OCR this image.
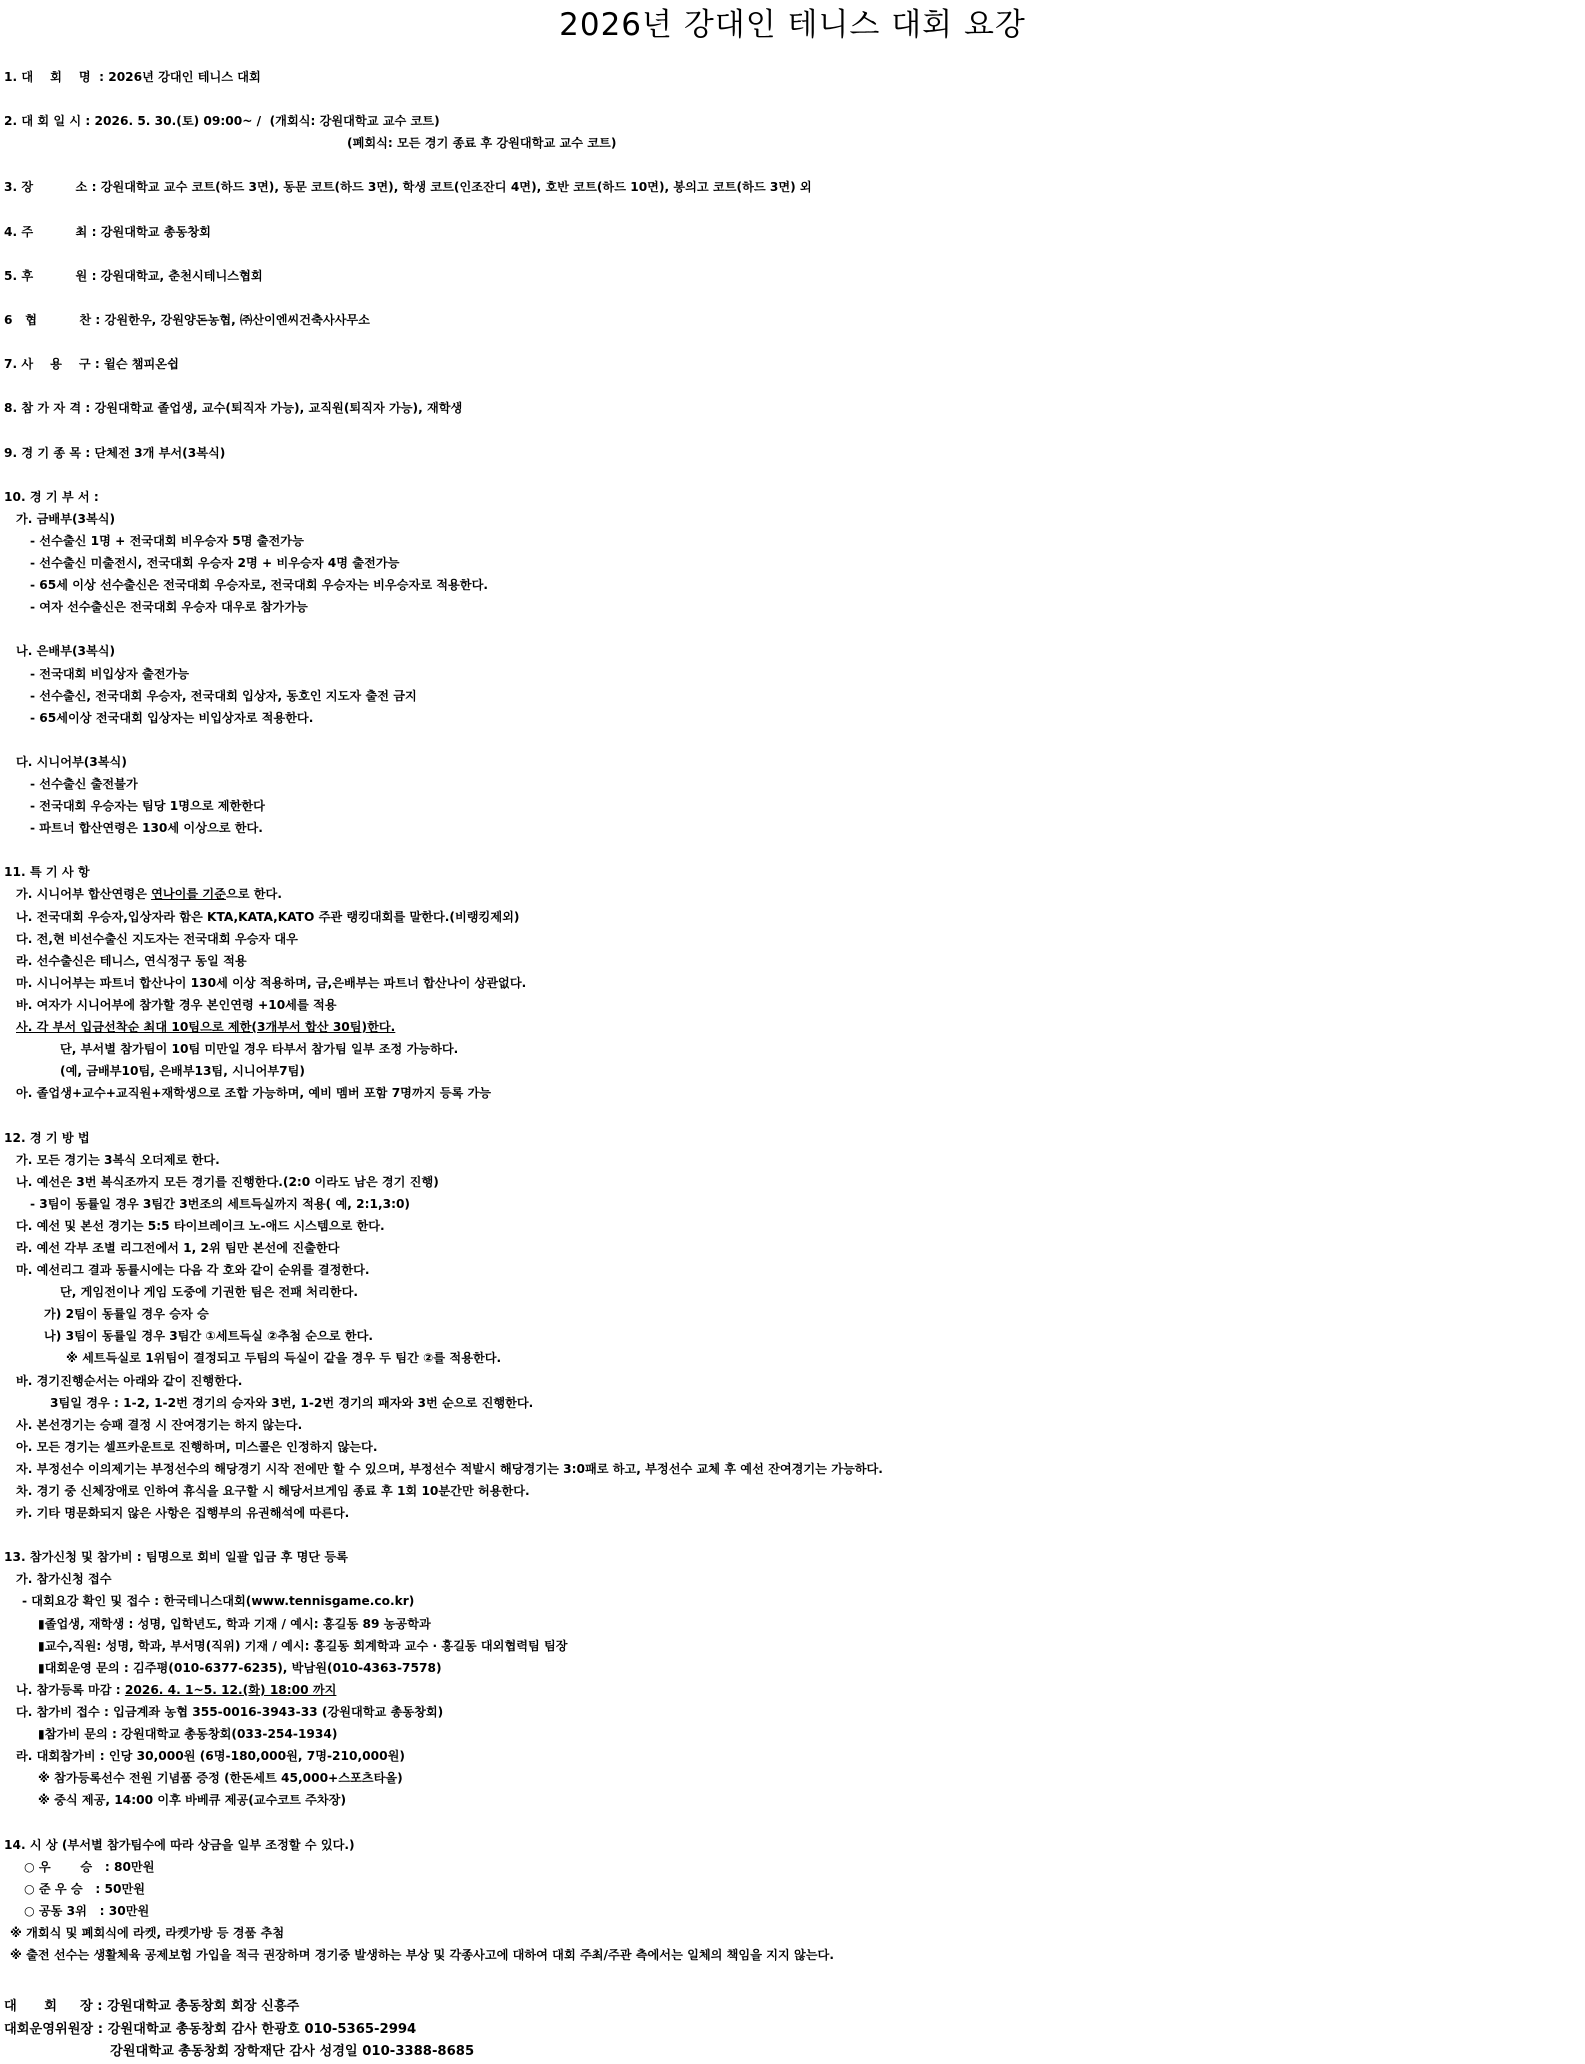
2026년 강대인 테니스 대회 요강
1. 대    회    명  : 2026년 강대인 테니스 대회
2. 대 회 일 시 : 2026. 5. 30.(토) 09:00~ /  (개회식: 강원대학교 교수 코트)
(폐회식: 모든 경기 종료 후 강원대학교 교수 코트)
3. 장          소 : 강원대학교 교수 코트(하드 3면), 동문 코트(하드 3면), 학생 코트(인조잔디 4면), 호반 코트(하드 10면), 봉의고 코트(하드 3면) 외
4. 주          최 : 강원대학교 총동창회
5. 후          원 : 강원대학교, 춘천시테니스협회
6   협          찬 : 강원한우, 강원양돈농협, ㈜산이엔씨건축사사무소
7. 사    용    구 : 윌슨 챔피온쉽
8. 참 가 자 격 : 강원대학교 졸업생, 교수(퇴직자 가능), 교직원(퇴직자 가능), 재학생
9. 경 기 종 목 : 단체전 3개 부서(3복식)
10. 경 기 부 서 :
가. 금배부(3복식)
- 선수출신 1명 + 전국대회 비우승자 5명 출전가능
- 선수출신 미출전시, 전국대회 우승자 2명 + 비우승자 4명 출전가능
- 65세 이상 선수출신은 전국대회 우승자로, 전국대회 우승자는 비우승자로 적용한다.
- 여자 선수출신은 전국대회 우승자 대우로 참가가능
나. 은배부(3복식)
- 전국대회 비입상자 출전가능
- 선수출신, 전국대회 우승자, 전국대회 입상자, 동호인 지도자 출전 금지
- 65세이상 전국대회 입상자는 비입상자로 적용한다.
다. 시니어부(3복식)
- 선수출신 출전불가
- 전국대회 우승자는 팀당 1명으로 제한한다
- 파트너 합산연령은 130세 이상으로 한다.
11. 특 기 사 항
가. 시니어부 합산연령은 연나이를 기준으로 한다.
나. 전국대회 우승자,입상자라 함은 KTA,KATA,KATO 주관 랭킹대회를 말한다.(비랭킹제외)
다. 전,현 비선수출신 지도자는 전국대회 우승자 대우
라. 선수출신은 테니스, 연식정구 동일 적용
마. 시니어부는 파트너 합산나이 130세 이상 적용하며, 금,은배부는 파트너 합산나이 상관없다.
바. 여자가 시니어부에 참가할 경우 본인연령 +10세를 적용
사. 각 부서 입금선착순 최대 10팀으로 제한(3개부서 합산 30팀)한다.
단, 부서별 참가팀이 10팀 미만일 경우 타부서 참가팀 일부 조정 가능하다.
(예, 금배부10팀, 은배부13팀, 시니어부7팀)
아. 졸업생+교수+교직원+재학생으로 조합 가능하며, 예비 멤버 포함 7명까지 등록 가능
12. 경 기 방 법
가. 모든 경기는 3복식 오더제로 한다.
나. 예선은 3번 복식조까지 모든 경기를 진행한다.(2:0 이라도 남은 경기 진행)
- 3팀이 동률일 경우 3팀간 3번조의 세트득실까지 적용( 예, 2:1,3:0)
다. 예선 및 본선 경기는 5:5 타이브레이크 노-애드 시스템으로 한다.
라. 예선 각부 조별 리그전에서 1, 2위 팀만 본선에 진출한다
마. 예선리그 결과 동률시에는 다음 각 호와 같이 순위를 결정한다.
단, 게임전이나 게임 도중에 기권한 팀은 전패 처리한다.
가) 2팀이 동률일 경우 승자 승
나) 3팀이 동률일 경우 3팀간 ①세트득실 ②추첨 순으로 한다.
※ 세트득실로 1위팀이 결정되고 두팀의 득실이 같을 경우 두 팀간 ②를 적용한다.
바. 경기진행순서는 아래와 같이 진행한다.
3팀일 경우 : 1-2, 1-2번 경기의 승자와 3번, 1-2번 경기의 패자와 3번 순으로 진행한다.
사. 본선경기는 승패 결정 시 잔여경기는 하지 않는다.
아. 모든 경기는 셀프카운트로 진행하며, 미스콜은 인정하지 않는다.
자. 부정선수 이의제기는 부정선수의 해당경기 시작 전에만 할 수 있으며, 부정선수 적발시 해당경기는 3:0패로 하고, 부정선수 교체 후 예선 잔여경기는 가능하다.
차. 경기 중 신체장애로 인하여 휴식을 요구할 시 해당서브게임 종료 후 1회 10분간만 허용한다.
카. 기타 명문화되지 않은 사항은 집행부의 유권해석에 따른다.
13. 참가신청 및 참가비 : 팀명으로 회비 일괄 입금 후 명단 등록
가. 참가신청 접수
- 대회요강 확인 및 접수 : 한국테니스대회(www.tennisgame.co.kr)
▮졸업생, 재학생 : 성명, 입학년도, 학과 기재 / 예시: 홍길동 89 농공학과
▮교수,직원: 성명, 학과, 부서명(직위) 기재 / 예시: 홍길동 회계학과 교수 · 홍길동 대외협력팀 팀장
▮대회운영 문의 : 김주평(010-6377-6235), 박남원(010-4363-7578)
나. 참가등록 마감 : 2026. 4. 1~5. 12.(화) 18:00 까지
다. 참가비 접수 : 입금계좌 농협 355-0016-3943-33 (강원대학교 총동창회)
▮참가비 문의 : 강원대학교 총동창회(033-254-1934)
라. 대회참가비 : 인당 30,000원 (6명-180,000원, 7명-210,000원)
※ 참가등록선수 전원 기념품 증정 (한돈세트 45,000+스포츠타올)
※ 중식 제공, 14:00 이후 바베큐 제공(교수코트 주차장)
14. 시 상 (부서별 참가팀수에 따라 상금을 일부 조정할 수 있다.)
○ 우       승   : 80만원
○ 준 우 승   : 50만원
○ 공동 3위   : 30만원
※ 개회식 및 폐회식에 라켓, 라켓가방 등 경품 추첨
※ 출전 선수는 생활체육 공제보험 가입을 적극 권장하며 경기중 발생하는 부상 및 각종사고에 대하여 대회 주최/주관 측에서는 일체의 책임을 지지 않는다.
대      회     장 : 강원대학교 총동창회 회장 신흥주
대회운영위원장 : 강원대학교 총동창회 감사 한광호 010-5365-2994
강원대학교 총동창회 장학재단 감사 성경일 010-3388-8685
